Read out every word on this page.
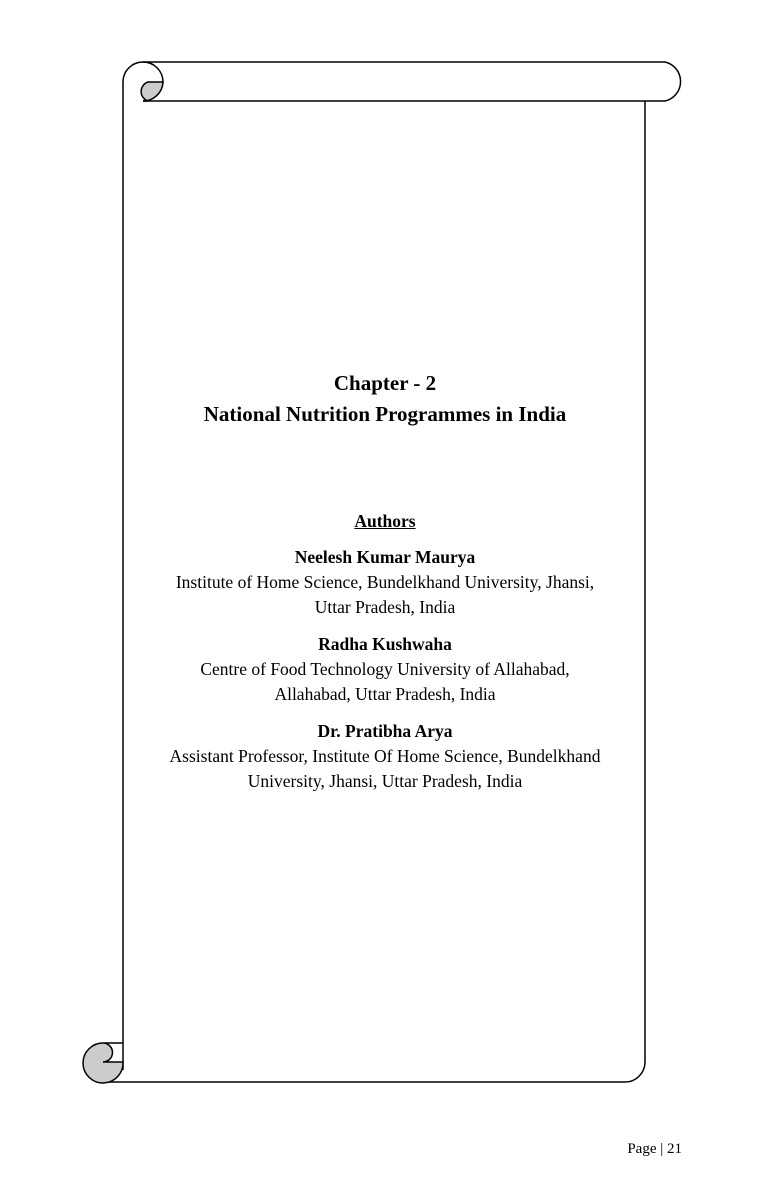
Chapter - 2
National Nutrition Programmes in India
Authors
Neelesh Kumar Maurya
Institute of Home Science, Bundelkhand University, Jhansi,
Uttar Pradesh, India
Radha Kushwaha
Centre of Food Technology University of Allahabad,
Allahabad, Uttar Pradesh, India
Dr. Pratibha Arya
Assistant Professor, Institute Of Home Science, Bundelkhand
University, Jhansi, Uttar Pradesh, India
Page | 21
